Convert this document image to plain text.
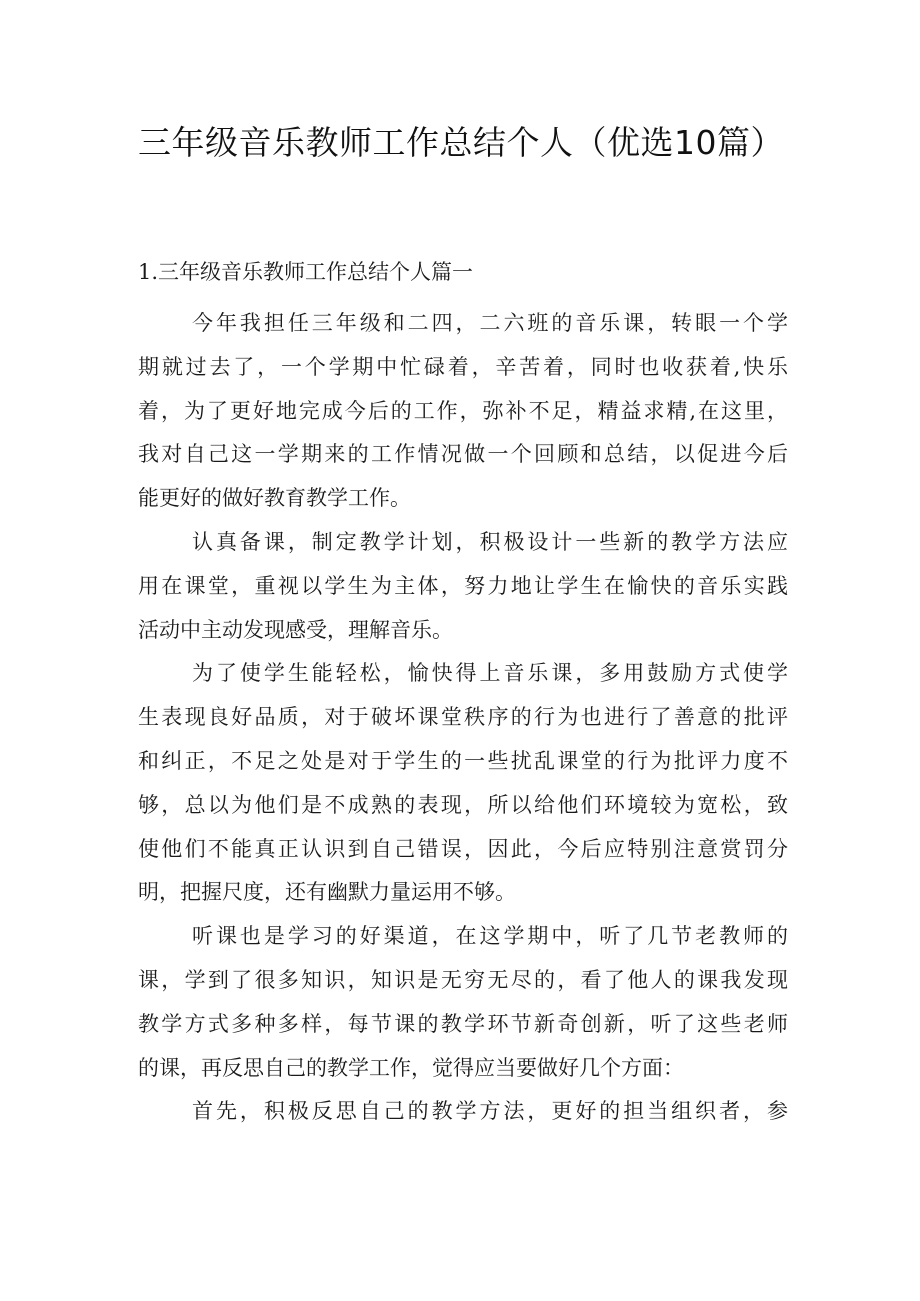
三年级音乐教师工作总结个人（优选10篇）
1.三年级音乐教师工作总结个人篇一

今年我担任三年级和二四，二六班的音乐课，转眼一个学
期就过去了，一个学期中忙碌着，辛苦着，同时也收获着,快乐
着，为了更好地完成今后的工作，弥补不足，精益求精,在这里，
我对自己这一学期来的工作情况做一个回顾和总结，以促进今后
能更好的做好教育教学工作。

认真备课，制定教学计划，积极设计一些新的教学方法应
用在课堂，重视以学生为主体，努力地让学生在愉快的音乐实践
活动中主动发现感受，理解音乐。

为了使学生能轻松，愉快得上音乐课，多用鼓励方式使学
生表现良好品质，对于破坏课堂秩序的行为也进行了善意的批评
和纠正，不足之处是对于学生的一些扰乱课堂的行为批评力度不
够，总以为他们是不成熟的表现，所以给他们环境较为宽松，致
使他们不能真正认识到自己错误，因此，今后应特别注意赏罚分
明，把握尺度，还有幽默力量运用不够。

听课也是学习的好渠道，在这学期中，听了几节老教师的
课，学到了很多知识，知识是无穷无尽的，看了他人的课我发现
教学方式多种多样，每节课的教学环节新奇创新，听了这些老师
的课，再反思自己的教学工作，觉得应当要做好几个方面：

首先，积极反思自己的教学方法，更好的担当组织者，参
